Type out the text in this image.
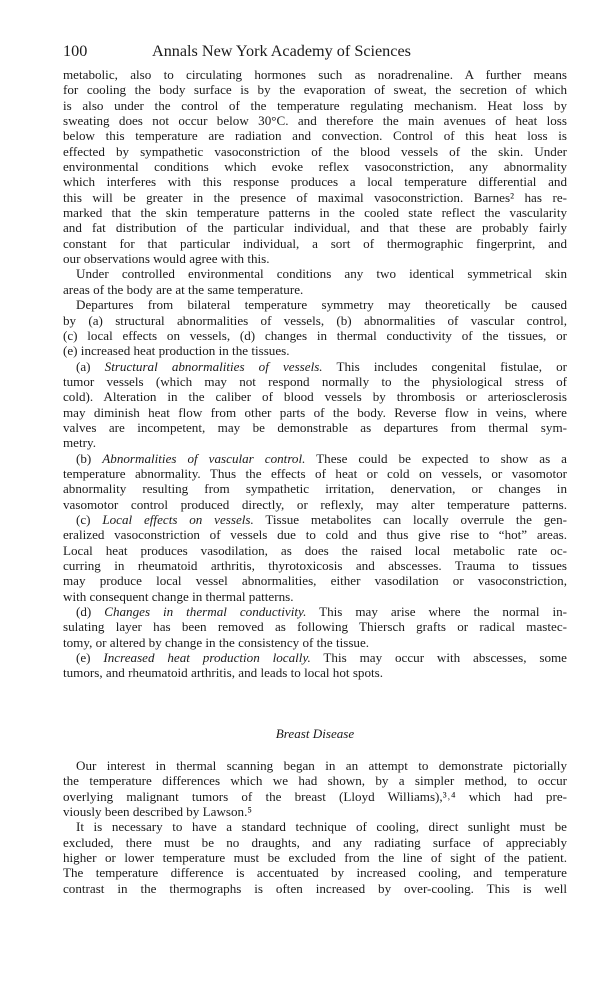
100	Annals New York Academy of Sciences
metabolic, also to circulating hormones such as noradrenaline. A further means
for cooling the body surface is by the evaporation of sweat, the secretion of which
is also under the control of the temperature regulating mechanism. Heat loss by
sweating does not occur below 30°C. and therefore the main avenues of heat loss
below this temperature are radiation and convection. Control of this heat loss is
effected by sympathetic vasoconstriction of the blood vessels of the skin. Under
environmental conditions which evoke reflex vasoconstriction, any abnormality
which interferes with this response produces a local temperature differential and
this will be greater in the presence of maximal vasoconstriction. Barnes² has re-
marked that the skin temperature patterns in the cooled state reflect the vascularity
and fat distribution of the particular individual, and that these are probably fairly
constant for that particular individual, a sort of thermographic fingerprint, and
our observations would agree with this.
Under controlled environmental conditions any two identical symmetrical skin
areas of the body are at the same temperature.
Departures from bilateral temperature symmetry may theoretically be caused
by (a) structural abnormalities of vessels, (b) abnormalities of vascular control,
(c) local effects on vessels, (d) changes in thermal conductivity of the tissues, or
(e) increased heat production in the tissues.
(a) Structural abnormalities of vessels. This includes congenital fistulae, or
tumor vessels (which may not respond normally to the physiological stress of
cold). Alteration in the caliber of blood vessels by thrombosis or arteriosclerosis
may diminish heat flow from other parts of the body. Reverse flow in veins, where
valves are incompetent, may be demonstrable as departures from thermal sym-
metry.
(b) Abnormalities of vascular control. These could be expected to show as a
temperature abnormality. Thus the effects of heat or cold on vessels, or vasomotor
abnormality resulting from sympathetic irritation, denervation, or changes in
vasomotor control produced directly, or reflexly, may alter temperature patterns.
(c) Local effects on vessels. Tissue metabolites can locally overrule the gen-
eralized vasoconstriction of vessels due to cold and thus give rise to “hot” areas.
Local heat produces vasodilation, as does the raised local metabolic rate oc-
curring in rheumatoid arthritis, thyrotoxicosis and abscesses. Trauma to tissues
may produce local vessel abnormalities, either vasodilation or vasoconstriction,
with consequent change in thermal patterns.
(d) Changes in thermal conductivity. This may arise where the normal in-
sulating layer has been removed as following Thiersch grafts or radical mastec-
tomy, or altered by change in the consistency of the tissue.
(e) Increased heat production locally. This may occur with abscesses, some
tumors, and rheumatoid arthritis, and leads to local hot spots.
Breast Disease
Our interest in thermal scanning began in an attempt to demonstrate pictorially
the temperature differences which we had shown, by a simpler method, to occur
overlying malignant tumors of the breast (Lloyd Williams),³˒⁴ which had pre-
viously been described by Lawson.⁵
It is necessary to have a standard technique of cooling, direct sunlight must be
excluded, there must be no draughts, and any radiating surface of appreciably
higher or lower temperature must be excluded from the line of sight of the patient.
The temperature difference is accentuated by increased cooling, and temperature
contrast in the thermographs is often increased by over-cooling. This is well
